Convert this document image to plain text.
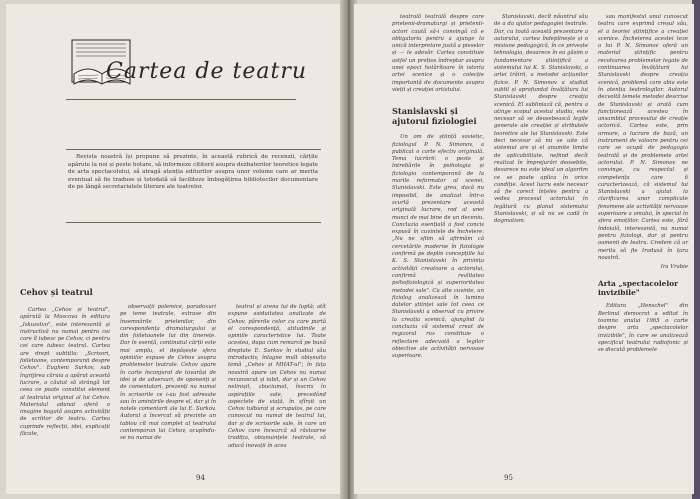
Cartea de teatru

Revista noastră își propune să prezinte, în această rubrică de recenzii, cărțile apărute la noi și peste hotare, să informeze cititorii asupra dezbaterilor teoretice legate de arta spectacolului, să atragă atenția editurilor asupra unor volume care ar merita eventual să fie traduse și totodată să faciliteze îmbogățirea bibliotecilor documentare de pe lângă secretariatele literare ale teatrelor.

Cehov și teatrul

Cartea „Cehov și teatrul", apărută la Moscova în editura „Iskusstvo", este interesantă și instructivă nu numai pentru cei care îl iubesc pe Cehov, ci pentru cei care iubesc teatrul. Cartea are drept subtitlu: „Scrisori, foiletoane, contemporanii despre Cehov". Eugheni Surkov, sub îngrijirea căruia a apărut această lucrare, a căutat să strângă tot ceea ce poate constitui element al teatrului original al lui Cehov. Materialul adunat oferă o imagine bogată asupra activității de scriitor de teatru. Cartea cuprinde reflecții, idei, explicații făcute,

observații polemice, paradoxuri pe teme teatrale, extrase din însemnările prietenilor, din corespondența dramaturgului și din foiletoanele lui din tinerețe. Dar în esență, continutul cărții este mai amplu, el depășește sfera opiniilor expuse de Cehov asupra problemelor teatrale. Cehov apare în carte înconjurat de tovarăși de idei și de adversari, de oponenți și de comentatori, prezenți nu numai în scrisorile ce i-au fost adresate sau în amintirile despre el, dar și în notele comentarii ale lui E. Surkov. Autorul a încercat să prezinte un tablou cît mai complet al teatrului contemporan lui Cehov, ocupîndu-se nu numai de

teatrul și arena lui de luptă; atît expune asiduitatea analizate de Cehov, părerile celor cu care purtă el corespondență, atitudinile și opiniile caracteristice lui. Toate acestea, dupa cum remarcă pe bună dreptate E. Surkov în studiul său introductiv, înlagne mult obișnuita temă „Cehov și MHAT-ul"; în fața noastră apare un Cehov nu numai recunoscut și iubit, dar și un Cehov nelinișit, zbuciumat, înscris în aspirațiile sale, precedând aspectele de viață, în sfîrșit un Cehov tulburat și scrupulos, pe care cunoscut nu numai de teatrul lui, dar și de scrisorile sale, în care un Cehov care încearcă să răstoarne tradiția, obișnuințele teatrale, să aducă inovații în acea

94

teatrală teatrală despre care prietenii-dramaturgi și prietenii-actori caută să-i convingă că e obligatoriu pentru a ajunge la unică interpretare justă a pieselor și — le adevăr. Cartea constituie astfel un prețios îndreptar asupra unei epoci hotărîtoare în istoria artei scenice și o colecție importantă de documente asupra vieții și creației artistului.

Stanislavski și ajutorul fiziologiei

Un om de știință sovietic, fiziologul P. N. Simonov, a publicat o carte efectiv originală. Tema lucrării: o peste și întrebările în psihologia și fiziologia contemporană de la marile reformator al scenei, Stanislavski. Este greu, dacă nu imposibil, de analizat într-o scurtă prezentare această originală lucrare, rod al unei munci de mai bine de un deceniu. Concluzia esențială a fost concis expusă în cuvintele de încheiere: „Nu ne sfiim să afirmăm că cercetările moderne în fiziologie confirmă pe deplin concepțiile lui K. S. Stanislavski în privința activității creatoare a actorului, confirmă realitatea psihofiziologică și superioritatea metodei sale". Cu alte cuvinte, un fiziolog analizează în lumina datelor științei sale tot ceea ce Stanislavski a observat cu privire la creația scenică, ajungînd la concluzia că sistemul creat de regizorul rus constituie o reflectare adecvată a legilor obiective ale activității nervoase superioare.

Stanislavski, decît năuntrul său de a da ajutor pedagogiei teatrale. Dar, cu toată această prezentare a autorului, cartea îndeplinește și o misiune pedagogică, în ce privește tehnologia, deoarece în ea găsim o fundamentare științifică a sistemului lui K. S. Stanislavski, a artei trăirii, a metodei acțiunilor fizice. P. N. Simonov a studiat subtil și aprofundat învățătura lui Stanislavski despre creația scenică. El subliniază că, pentru a atinge scopul acestui studiu, este necesar să se deosebească legile generale ale creației și atributele teoretice ale lui Stanislavski. Este deci necesar să nu se uite că sistemul are și el anumite limite de aplicabilitate, nefiind decît realizat în împrejurări deosebite, deoarece nu este ideal un algoritm ce se poate aplica în orice condiție. Acest lucru este necesar să fie corect înțeles pentru a vedea procesul actorului în legătură cu planul sistemului Stanislavski, și să nu se cadă în dogmatism.

sau manifestul unui cunoscut teatru care exprimă creșul său, el a teoriei științifice a creației scenice. Încheierea acestei teze a lui P. N. Simonov oferă un material științific pentru recolvarea problemelor legate de continuarea învățăturii lui Stanislavski despre creația scenică, problemă care abia este în atenția teatrologilor. Autorul dezvoltă temele metodei descrise de Stanislavski și arată cum funcționează acestea în ansamblul procesului de creație actorică. Cartea este, prin urmare, o lucrare de bază, un instrument de valoare pentru cei care se ocupă de pedagogia teatrală și de problemele artei actorului. P. N. Simonov ne convinge, cu respectul și competența care îi caracterizează, că sistemul lui Stanislavski a ajutat la clarificarea unor complicate fenomene ale activității nervoase superioare a omului, în special în sfera emoțiilor. Cartea este, fără îndoială, interesantă, nu numai pentru fiziologi, dar și pentru oamenii de teatru. Credem că ar merita să fie tradusă în țara noastră.

Ira Vrabie
Arta „spectacolelor invizibile"

Editura „Henschel" din Berlinul democrat a editat în toamna anului 1965 o carte despre arta „spectacolelor invizibile", în care se analizează specificul teatrului radiofonic și se discută problemele

95
